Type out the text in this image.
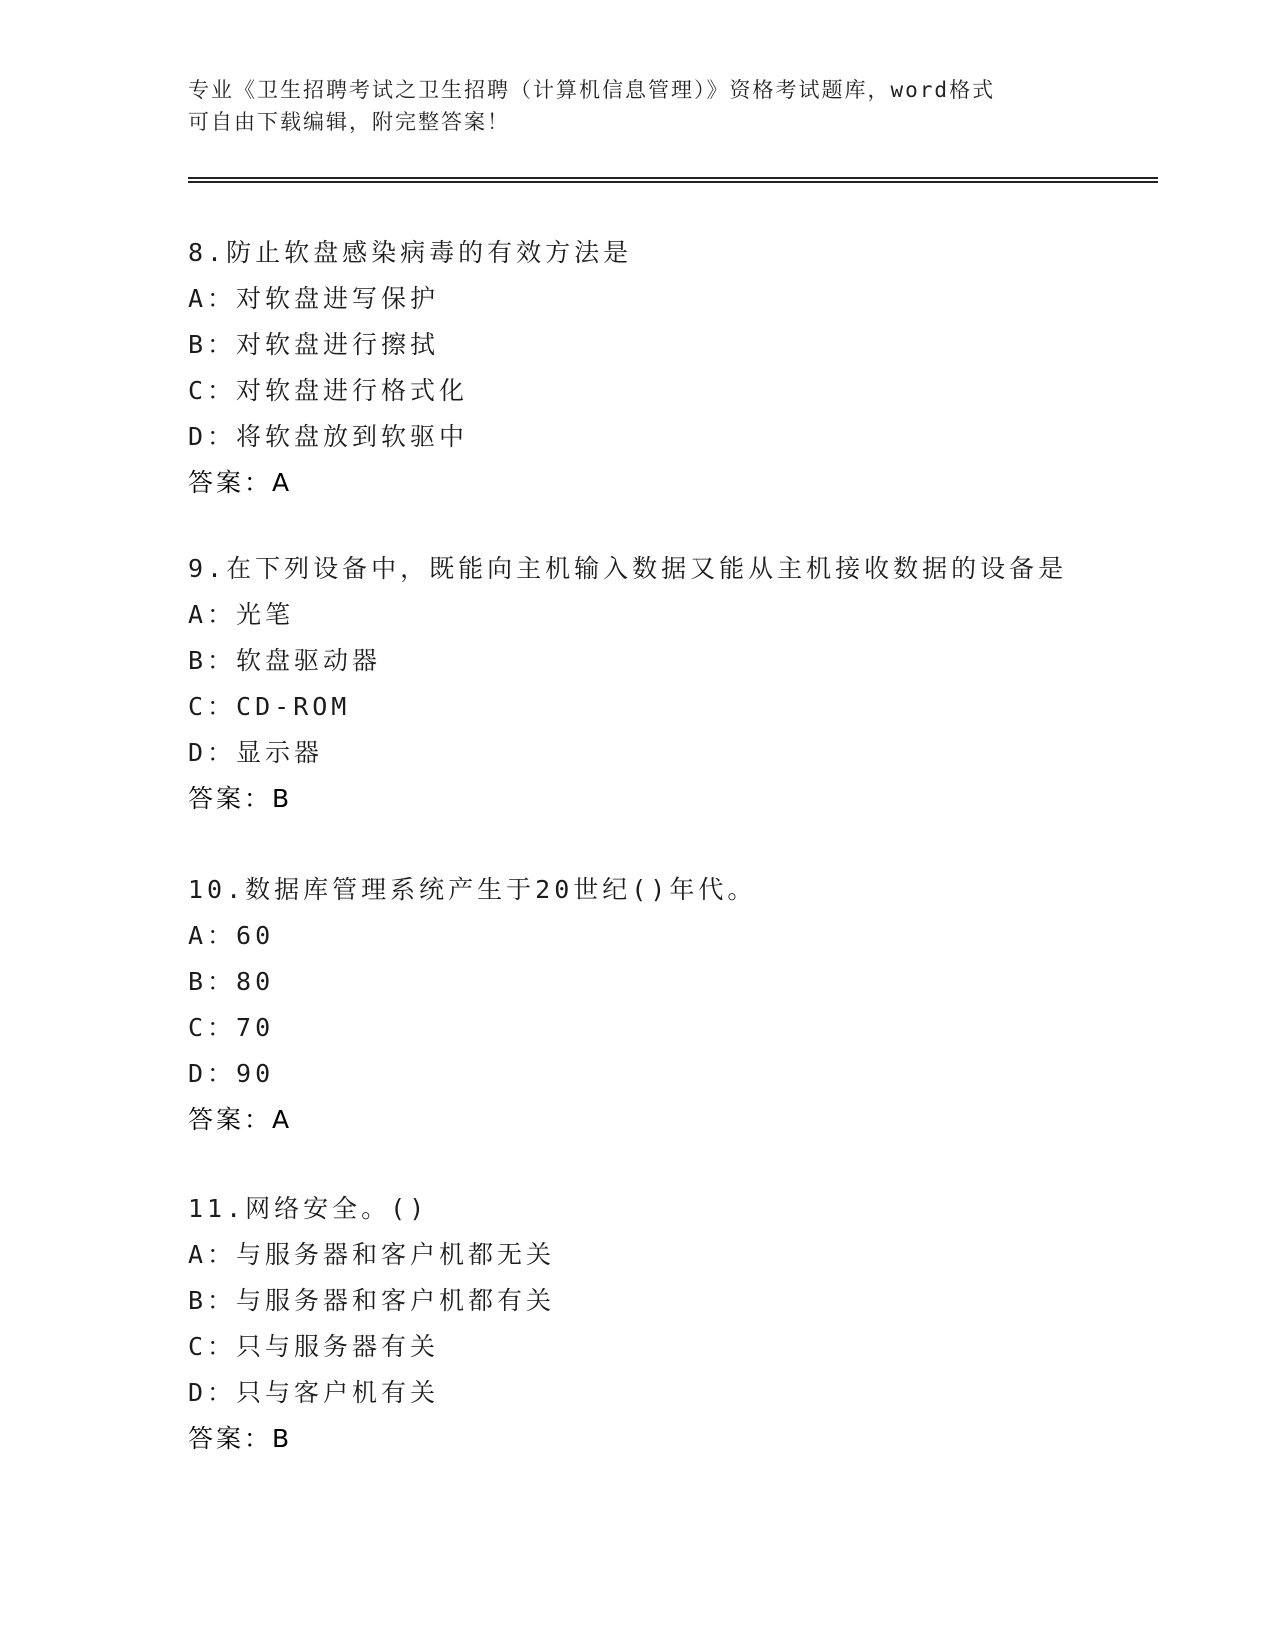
专业《卫生招聘考试之卫生招聘（计算机信息管理）》资格考试题库，word格式
可自由下载编辑，附完整答案！
8.防止软盘感染病毒的有效方法是
A：对软盘进写保护
B：对软盘进行擦拭
C：对软盘进行格式化
D：将软盘放到软驱中
答案：A
9.在下列设备中，既能向主机输入数据又能从主机接收数据的设备是
A：光笔
B：软盘驱动器
C：CD-ROM
D：显示器
答案：B
10.数据库管理系统产生于20世纪()年代。
A：60
B：80
C：70
D：90
答案：A
11.网络安全。()
A：与服务器和客户机都无关
B：与服务器和客户机都有关
C：只与服务器有关
D：只与客户机有关
答案：B
